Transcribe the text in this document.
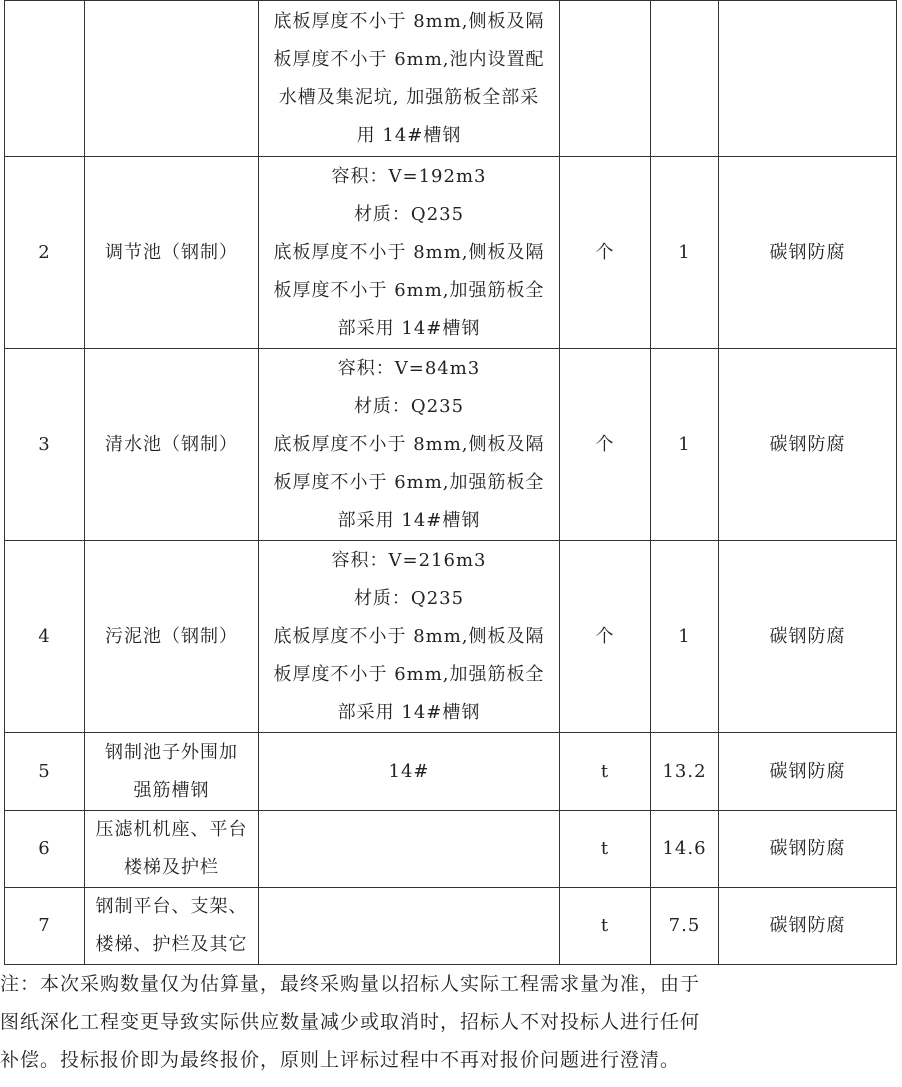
		底板厚度不小于 8mm,侧板及隔
板厚度不小于 6mm,池内设置配
水槽及集泥坑, 加强筋板全部采
用 14#槽钢			

2	调节池（钢制）	容积：V=192m3
材质：Q235
底板厚度不小于 8mm,侧板及隔
板厚度不小于 6mm,加强筋板全
部采用 14#槽钢	个	1	碳钢防腐
3	清水池（钢制）	容积：V=84m3
材质：Q235
底板厚度不小于 8mm,侧板及隔
板厚度不小于 6mm,加强筋板全
部采用 14#槽钢	个	1	碳钢防腐
4	污泥池（钢制）	容积：V=216m3
材质：Q235
底板厚度不小于 8mm,侧板及隔
板厚度不小于 6mm,加强筋板全
部采用 14#槽钢	个	1	碳钢防腐
5	钢制池子外围加
强筋槽钢	14#	t	13.2	碳钢防腐
6	压滤机机座、平台
楼梯及护栏		t	14.6	碳钢防腐
7	钢制平台、支架、
楼梯、护栏及其它		t	7.5	碳钢防腐
注：本次采购数量仅为估算量，最终采购量以招标人实际工程需求量为准，由于
图纸深化工程变更导致实际供应数量减少或取消时，招标人不对投标人进行任何
补偿。投标报价即为最终报价，原则上评标过程中不再对报价问题进行澄清。
